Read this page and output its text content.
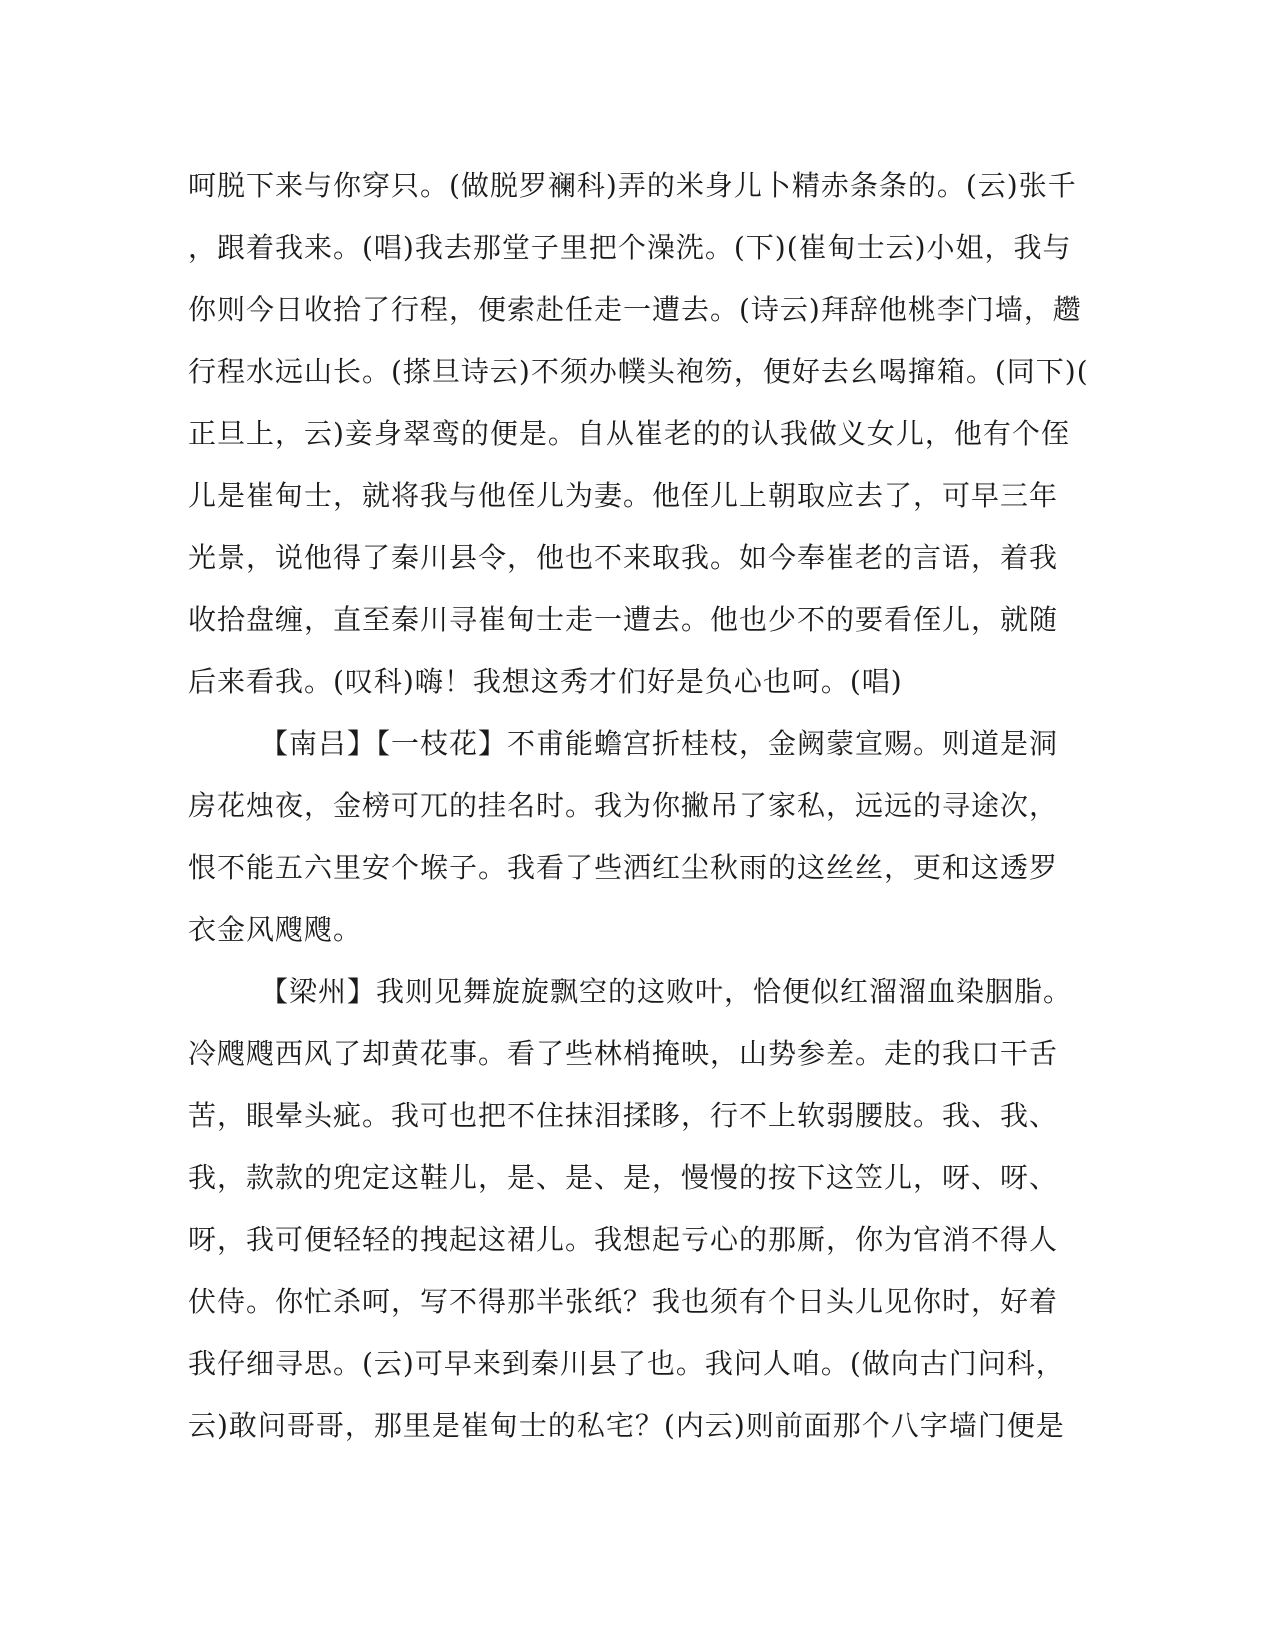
呵脱下来与你穿只。(做脱罗襕科)弄的米身儿卜精赤条条的。(云)张千
，跟着我来。(唱)我去那堂子里把个澡洗。(下)(崔甸士云)小姐，我与
你则今日收拾了行程，便索赴任走一遭去。(诗云)拜辞他桃李门墙，趱
行程水远山长。(搽旦诗云)不须办幞头袍笏，便好去幺喝撺箱。(同下)(
正旦上，云)妾身翠鸾的便是。自从崔老的的认我做义女儿，他有个侄
儿是崔甸士，就将我与他侄儿为妻。他侄儿上朝取应去了，可早三年
光景，说他得了秦川县令，他也不来取我。如今奉崔老的言语，着我
收拾盘缠，直至秦川寻崔甸士走一遭去。他也少不的要看侄儿，就随
后来看我。(叹科)嗨！我想这秀才们好是负心也呵。(唱)
【南吕】【一枝花】不甫能蟾宫折桂枝，金阙蒙宣赐。则道是洞
房花烛夜，金榜可兀的挂名时。我为你撇吊了家私，远远的寻途次，
恨不能五六里安个堠子。我看了些洒红尘秋雨的这丝丝，更和这透罗
衣金风飕飕。
【梁州】我则见舞旋旋飘空的这败叶，恰便似红溜溜血染胭脂。
冷飕飕西风了却黄花事。看了些林梢掩映，山势参差。走的我口干舌
苦，眼晕头疵。我可也把不住抹泪揉眵，行不上软弱腰肢。我、我、
我，款款的兜定这鞋儿，是、是、是，慢慢的按下这笠儿，呀、呀、
呀，我可便轻轻的拽起这裙儿。我想起亏心的那厮，你为官消不得人
伏侍。你忙杀呵，写不得那半张纸？我也须有个日头儿见你时，好着
我仔细寻思。(云)可早来到秦川县了也。我问人咱。(做向古门问科，
云)敢问哥哥，那里是崔甸士的私宅？(内云)则前面那个八字墙门便是
